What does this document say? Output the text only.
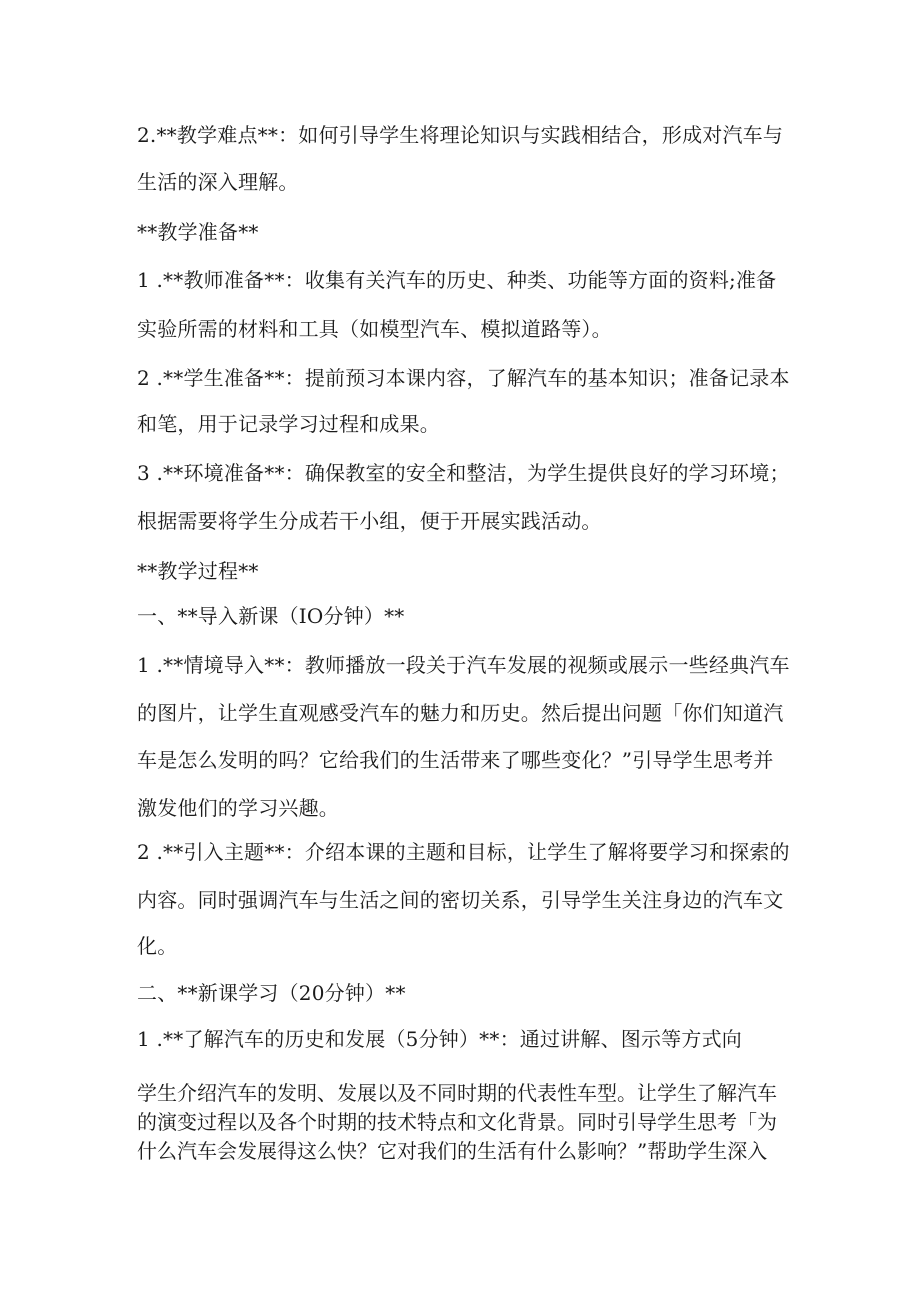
2.**教学难点**：如何引导学生将理论知识与实践相结合，形成对汽车与

生活的深入理解。

**教学准备**

1 .**教师准备**：收集有关汽车的历史、种类、功能等方面的资料;准备

实验所需的材料和工具（如模型汽车、模拟道路等）。

2 .**学生准备**：提前预习本课内容，了解汽车的基本知识；准备记录本

和笔，用于记录学习过程和成果。

3 .**环境准备**：确保教室的安全和整洁，为学生提供良好的学习环境；

根据需要将学生分成若干小组，便于开展实践活动。

**教学过程**

一、**导入新课（IO分钟）**

1 .**情境导入**：教师播放一段关于汽车发展的视频或展示一些经典汽车

的图片，让学生直观感受汽车的魅力和历史。然后提出问题「你们知道汽

车是怎么发明的吗？它给我们的生活带来了哪些变化？”引导学生思考并

激发他们的学习兴趣。

2 .**引入主题**：介绍本课的主题和目标，让学生了解将要学习和探索的

内容。同时强调汽车与生活之间的密切关系，引导学生关注身边的汽车文

化。

二、**新课学习（20分钟）**

1 .**了解汽车的历史和发展（5分钟）**：通过讲解、图示等方式向

学生介绍汽车的发明、发展以及不同时期的代表性车型。让学生了解汽车

的演变过程以及各个时期的技术特点和文化背景。同时引导学生思考「为

什么汽车会发展得这么快？它对我们的生活有什么影响？”帮助学生深入
